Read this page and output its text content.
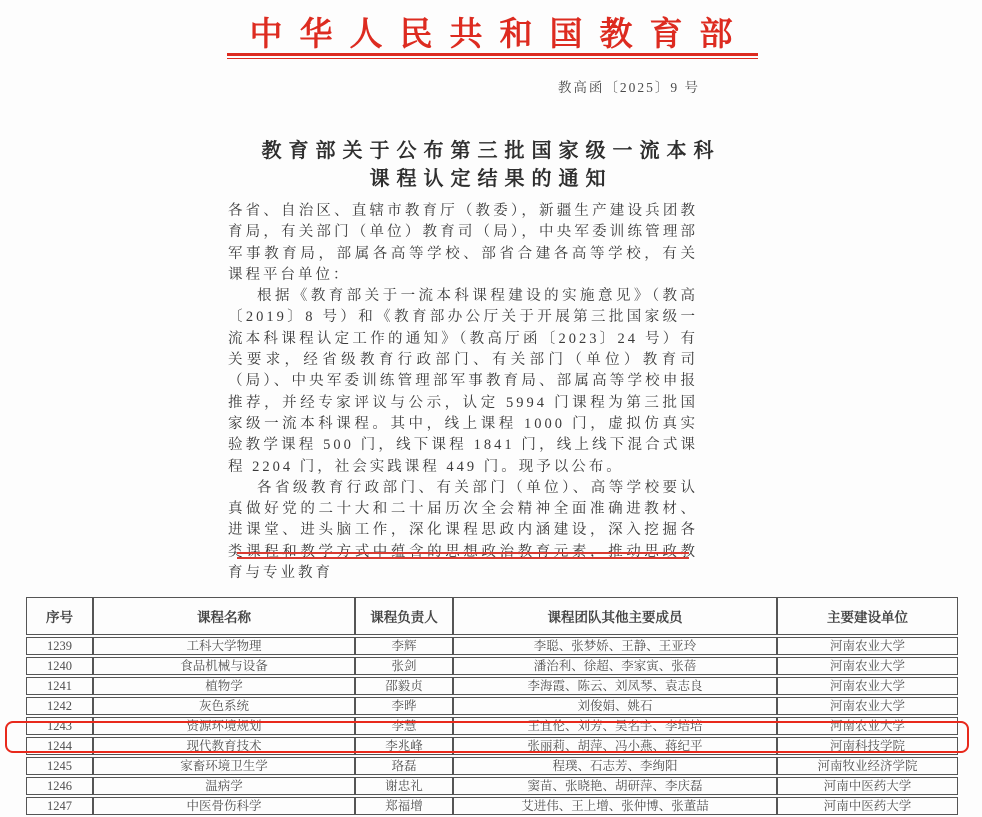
中华人民共和国教育部
教高函〔2025〕9 号
教育部关于公布第三批国家级一流本科
课程认定结果的通知

各省、自治区、直辖市教育厅（教委），新疆生产建设兵团教育局，有关部门（单位）教育司（局），中央军委训练管理部军事教育局，部属各高等学校、部省合建各高等学校，有关课程平台单位：

根据《教育部关于一流本科课程建设的实施意见》（教高〔2019〕8 号）和《教育部办公厅关于开展第三批国家级一流本科课程认定工作的通知》（教高厅函〔2023〕24 号）有关要求，经省级教育行政部门、有关部门（单位）教育司（局）、中央军委训练管理部军事教育局、部属高等学校申报推荐，并经专家评议与公示，认定 5994 门课程为第三批国家级一流本科课程。其中，线上课程 1000 门，虚拟仿真实验教学课程 500 门，线下课程 1841 门，线上线下混合式课程 2204 门，社会实践课程 449 门。现予以公布。

各省级教育行政部门、有关部门（单位）、高等学校要认真做好党的二十大和二十届历次全会精神全面准确进教材、进课堂、进头脑工作，深化课程思政内涵建设，深入挖掘各类课程和教学方式中蕴含的思想政治教育元素，推动思政教育与专业教育

序号	课程名称	课程负责人	课程团队其他主要成员	主要建设单位
1239	工科大学物理	李辉	李聪、张梦娇、王静、王亚玲	河南农业大学
1240	食品机械与设备	张剑	潘治利、徐超、李家寅、张蓓	河南农业大学
1241	植物学	邵毅贞	李海霞、陈云、刘凤琴、袁志良	河南农业大学
1242	灰色系统	李晔	刘俊娟、姚石	河南农业大学
1243	资源环境规划	李慧	王宜伦、刘芳、吴名宇、李培培	河南农业大学
1244	现代教育技术	李兆峰	张丽莉、胡萍、冯小燕、蒋纪平	河南科技学院
1245	家畜环境卫生学	珞磊	程璞、石志芳、李绚阳	河南牧业经济学院
1246	温病学	谢忠礼	窦苗、张晓艳、胡研萍、李庆磊	河南中医药大学
1247	中医骨伤科学	郑福增	艾进伟、王上增、张仲博、张董喆	河南中医药大学
